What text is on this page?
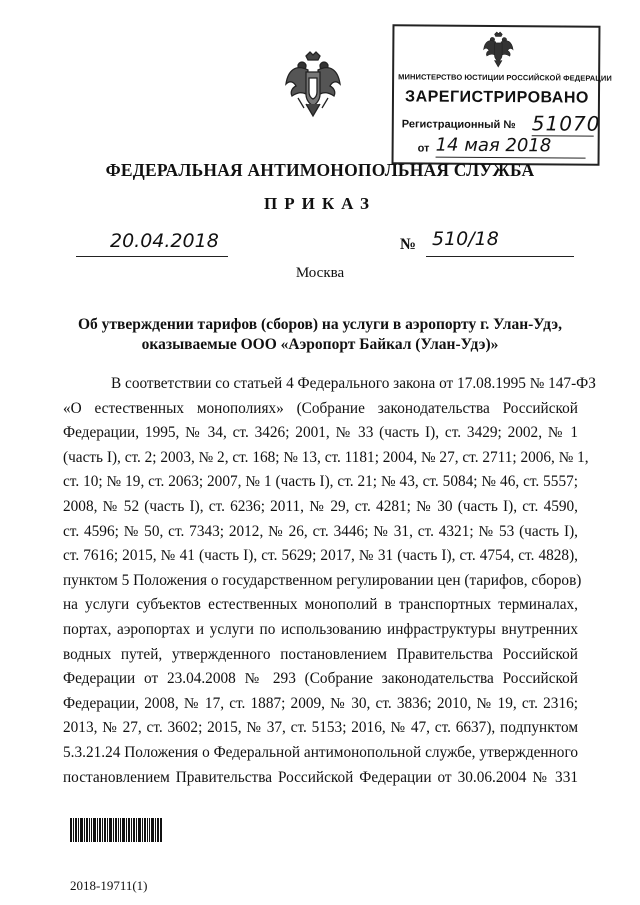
МИНИСТЕРСТВО ЮСТИЦИИ РОССИЙСКОЙ ФЕДЕРАЦИИ
ЗАРЕГИСТРИРОВАНО
Регистрационный № 51070
от 14 мая 2018
ФЕДЕРАЛЬНАЯ АНТИМОНОПОЛЬНАЯ СЛУЖБА
ПРИКАЗ
20.04.2018	№ 510/18
Москва
Об утверждении тарифов (сборов) на услуги в аэропорту г. Улан-Удэ,
оказываемые ООО «Аэропорт Байкал (Улан-Удэ)»
В соответствии со статьей 4 Федерального закона от 17.08.1995 № 147-ФЗ
«О естественных монополиях» (Собрание законодательства Российской
Федерации, 1995, № 34, ст. 3426; 2001, № 33 (часть I), ст. 3429; 2002, № 1
(часть I), ст. 2; 2003, № 2, ст. 168; № 13, ст. 1181; 2004, № 27, ст. 2711; 2006, № 1,
ст. 10; № 19, ст. 2063; 2007, № 1 (часть I), ст. 21; № 43, ст. 5084; № 46, ст. 5557;
2008, № 52 (часть I), ст. 6236; 2011, № 29, ст. 4281; № 30 (часть I), ст. 4590,
ст. 4596; № 50, ст. 7343; 2012, № 26, ст. 3446; № 31, ст. 4321; № 53 (часть I),
ст. 7616; 2015, № 41 (часть I), ст. 5629; 2017, № 31 (часть I), ст. 4754, ст. 4828),
пунктом 5 Положения о государственном регулировании цен (тарифов, сборов)
на услуги субъектов естественных монополий в транспортных терминалах,
портах, аэропортах и услуги по использованию инфраструктуры внутренних
водных путей, утвержденного постановлением Правительства Российской
Федерации от 23.04.2008 № 293 (Собрание законодательства Российской
Федерации, 2008, № 17, ст. 1887; 2009, № 30, ст. 3836; 2010, № 19, ст. 2316;
2013, № 27, ст. 3602; 2015, № 37, ст. 5153; 2016, № 47, ст. 6637), подпунктом
5.3.21.24 Положения о Федеральной антимонопольной службе, утвержденного
постановлением Правительства Российской Федерации от 30.06.2004 № 331
2018-19711(1)
